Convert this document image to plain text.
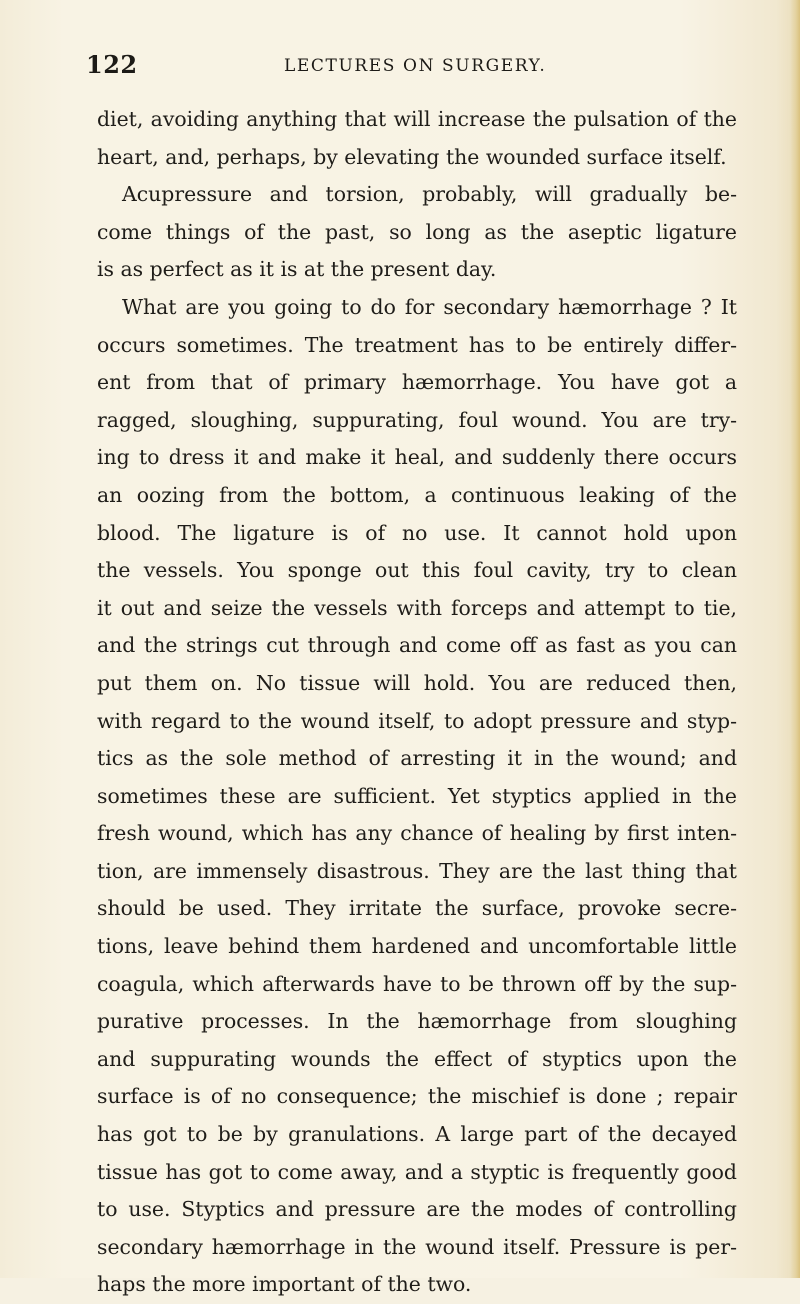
122	LECTURES ON SURGERY.
diet, avoiding anything that will increase the pulsation of the
heart, and, perhaps, by elevating the wounded surface itself.
Acupressure and torsion, probably, will gradually be-
come things of the past, so long as the aseptic ligature
is as perfect as it is at the present day.
What are you going to do for secondary hæmorrhage ? It
occurs sometimes. The treatment has to be entirely differ-
ent from that of primary hæmorrhage. You have got a
ragged, sloughing, suppurating, foul wound. You are try-
ing to dress it and make it heal, and suddenly there occurs
an oozing from the bottom, a continuous leaking of the
blood. The ligature is of no use. It cannot hold upon
the vessels. You sponge out this foul cavity, try to clean
it out and seize the vessels with forceps and attempt to tie,
and the strings cut through and come off as fast as you can
put them on. No tissue will hold. You are reduced then,
with regard to the wound itself, to adopt pressure and styp-
tics as the sole method of arresting it in the wound; and
sometimes these are sufficient. Yet styptics applied in the
fresh wound, which has any chance of healing by first inten-
tion, are immensely disastrous. They are the last thing that
should be used. They irritate the surface, provoke secre-
tions, leave behind them hardened and uncomfortable little
coagula, which afterwards have to be thrown off by the sup-
purative processes. In the hæmorrhage from sloughing
and suppurating wounds the effect of styptics upon the
surface is of no consequence; the mischief is done ; repair
has got to be by granulations. A large part of the decayed
tissue has got to come away, and a styptic is frequently good
to use. Styptics and pressure are the modes of controlling
secondary hæmorrhage in the wound itself. Pressure is per-
haps the more important of the two.
